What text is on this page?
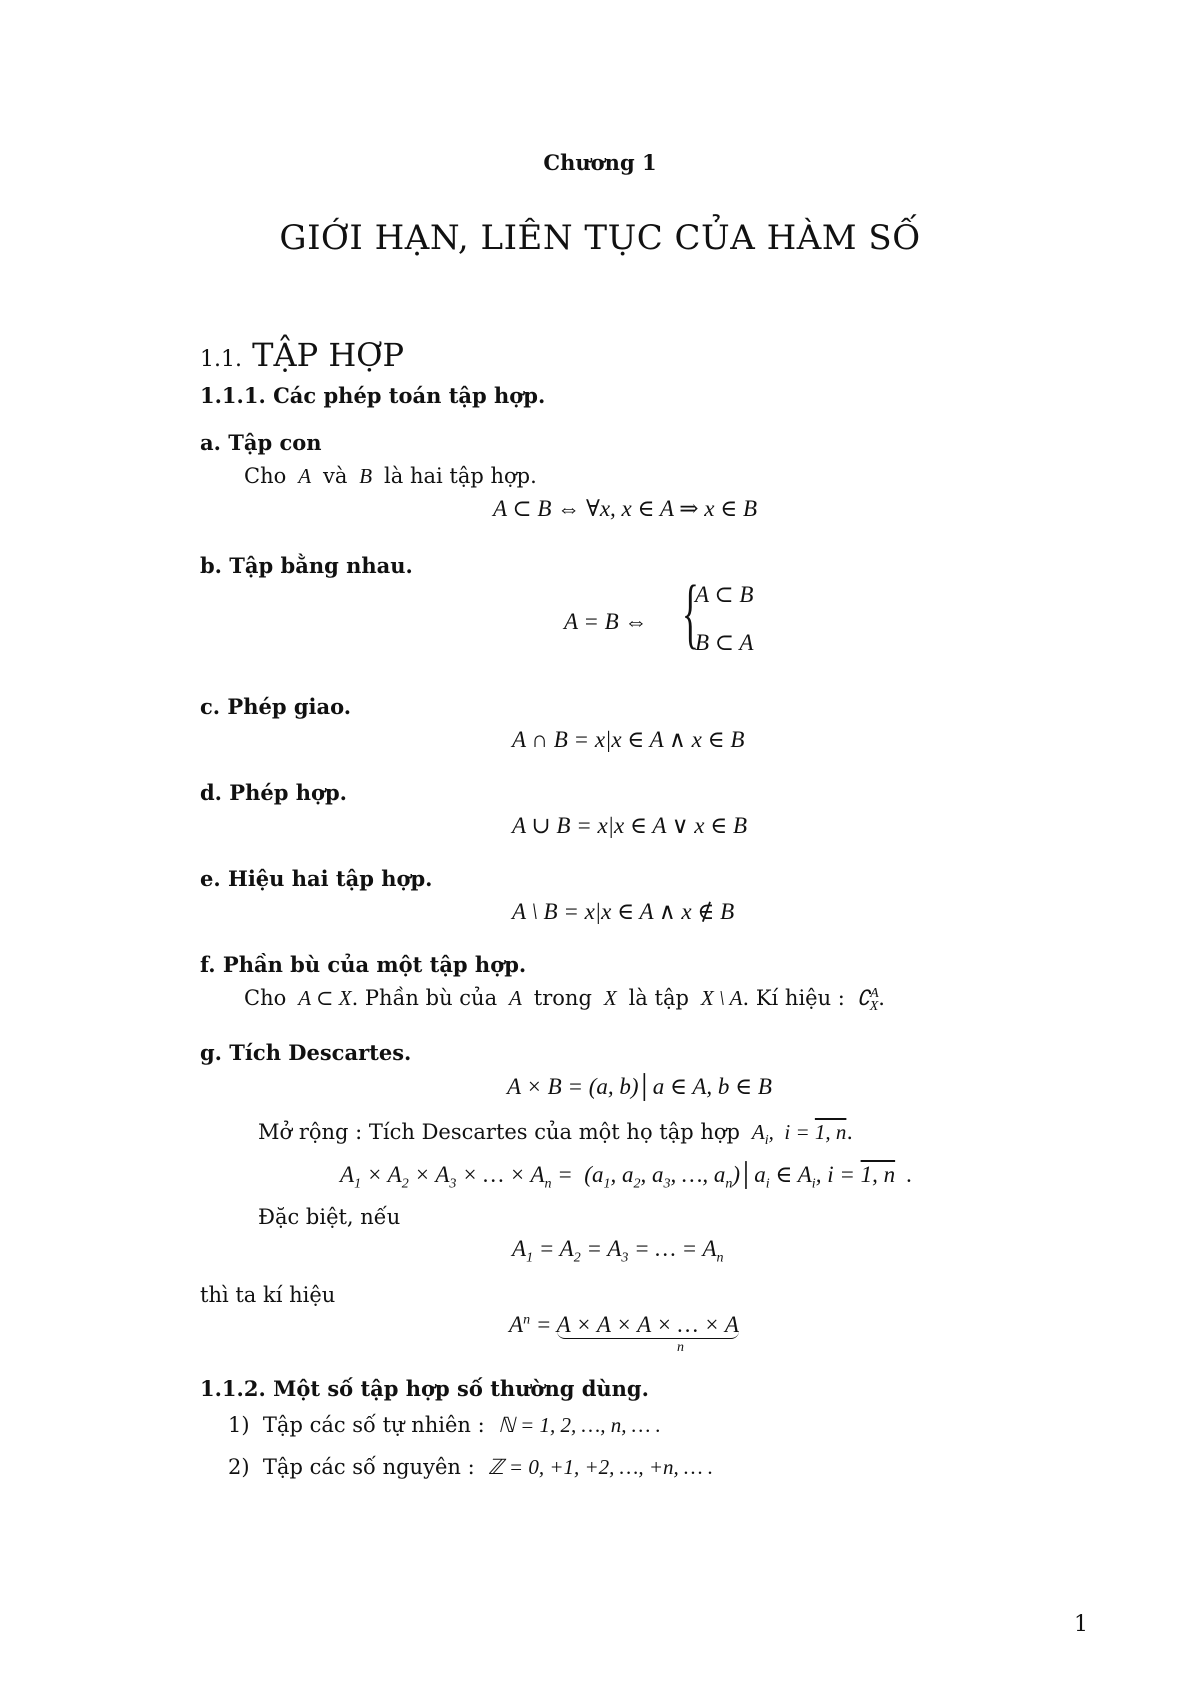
Chương 1
GIỚI HẠN, LIÊN TỤC CỦA HÀM SỐ
1.1. TẬP HỢP
1.1.1. Các phép toán tập hợp.
a. Tập con
Cho  A  và  B  là hai tập hợp.
A ⊂ B ⇔ ∀x, x ∈ A ⇒ x ∈ B
b. Tập bằng nhau.
A = B ⇔ {
A ⊂ B
B ⊂ A
c. Phép giao.
A ∩ B = x|x ∈ A ∧ x ∈ B
d. Phép hợp.
A ∪ B = x|x ∈ A ∨ x ∈ B
e. Hiệu hai tập hợp.
A \ B = x|x ∈ A ∧ x ∉ B
f. Phần bù của một tập hợp.
Cho  A ⊂ X. Phần bù của  A  trong  X  là tập  X \ A. Kí hiệu :  ∁$^A_X$.
g. Tích Descartes.
A × B = (a, b)│a ∈ A, b ∈ B
Mở rộng : Tích Descartes của một họ tập hợp  $A_i$,  i = 1, n.
$A_1 \times A_2 \times A_3$ × … × $A_n = (a_1$, $a_2$, $a_3$, …, $a_n)│a_i$ ∈ $A_i$, i = 1, n  .
Đặc biệt, nếu
$A_1 = A_2 = A_3$ = … = $A_n$
thì ta kí hiệu
$A^n = A \times A \times A$ × … × A
n
1.1.2. Một số tập hợp số thường dùng.
1) Tập các số tự nhiên : ℕ = 1, 2, …, n, … .
2) Tập các số nguyên : ℤ = 0, +1, +2, …, +n, … .
1
